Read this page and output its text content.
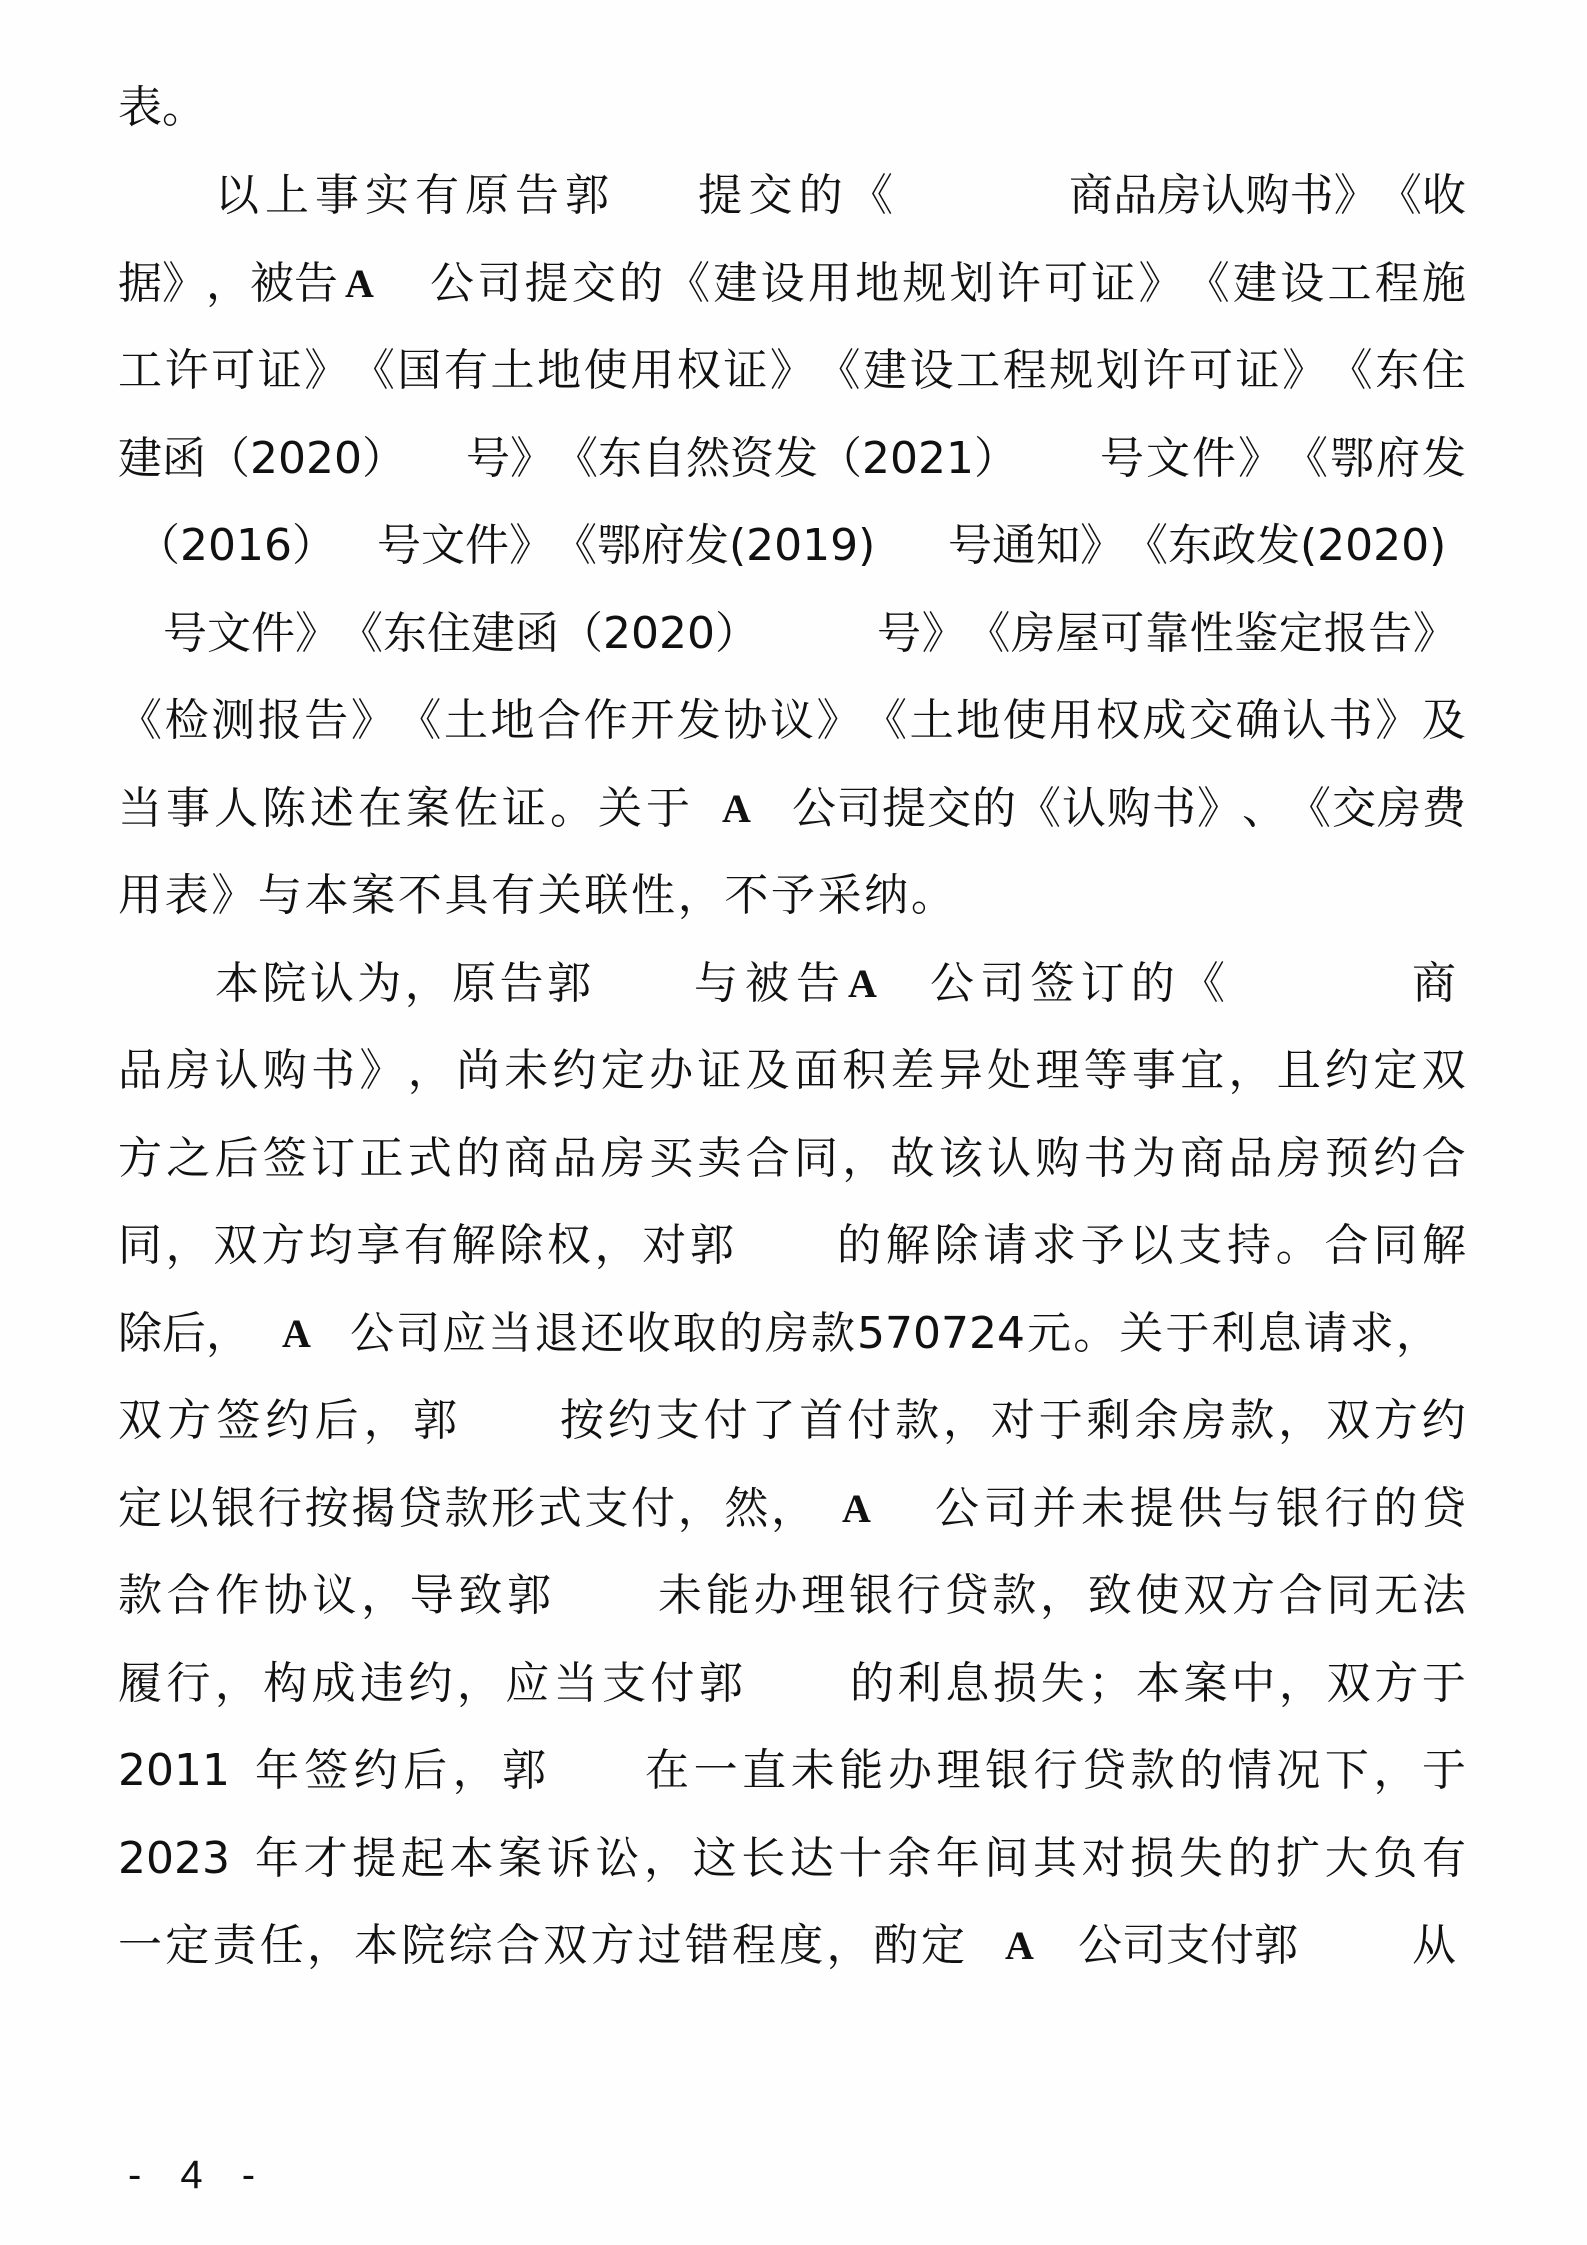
表 。
以 上 事 实 有 原 告 郭 提 交 的 《	商 品 房 认 购 书 》 《 收
据 》 ， 被 告 A 公 司 提 交 的 《 建 设 用 地 规 划 许 可 证 》 《 建 设 工 程 施
工 许 可 证 》 《 国 有 土 地 使 用 权 证 》 《 建 设 工 程 规 划 许 可 证 》 《 东 住
建 函 （ 2020 ） 号 》 《 东 自 然 资 发 （ 2021 ） 号 文 件 》 《 鄂 府 发
（ 2016 ） 号 文 件 》 《 鄂 府 发 ( 2019 ) 号 通 知 》 《 东 政 发 ( 2020 )
号 文 件 》 《 东 住 建 函 （ 2020 ）	号 》 《 房 屋 可 靠 性 鉴 定 报 告 》
《 检 测 报 告 》 《 土 地 合 作 开 发 协 议 》 《 土 地 使 用 权 成 交 确 认 书 》 及
当 事 人 陈 述 在 案 佐 证 。 关 于 A 公 司 提 交 的 《 认 购 书 》 、 《 交 房 费
用 表 》 与 本 案 不 具 有 关 联 性 ， 不 予 采 纳 。
本 院 认 为 ， 原 告 郭 与 被 告 A 公 司 签 订 的 《	商
品 房 认 购 书 》 ， 尚 未 约 定 办 证 及 面 积 差 异 处 理 等 事 宜 ， 且 约 定 双
方 之 后 签 订 正 式 的 商 品 房 买 卖 合 同 ， 故 该 认 购 书 为 商 品 房 预 约 合
同 ， 双 方 均 享 有 解 除 权 ， 对 郭 的 解 除 请 求 予 以 支 持 。 合 同 解
除 后 ， A 公 司 应 当 退 还 收 取 的 房 款 570724 元 。 关 于 利 息 请 求 ，
双 方 签 约 后 ， 郭 按 约 支 付 了 首 付 款 ， 对 于 剩 余 房 款 ， 双 方 约
定 以 银 行 按 揭 贷 款 形 式 支 付 ， 然 ， A 公 司 并 未 提 供 与 银 行 的 贷
款 合 作 协 议 ， 导 致 郭 未 能 办 理 银 行 贷 款 ， 致 使 双 方 合 同 无 法
履 行 ， 构 成 违 约 ， 应 当 支 付 郭 的 利 息 损 失 ； 本 案 中 ， 双 方 于
2011 年 签 约 后 ， 郭 在 一 直 未 能 办 理 银 行 贷 款 的 情 况 下 ， 于
2023 年 才 提 起 本 案 诉 讼 ， 这 长 达 十 余 年 间 其 对 损 失 的 扩 大 负 有
一 定 责 任 ， 本 院 综 合 双 方 过 错 程 度 ， 酌 定 A 公 司 支 付 郭	从
- 4 -
